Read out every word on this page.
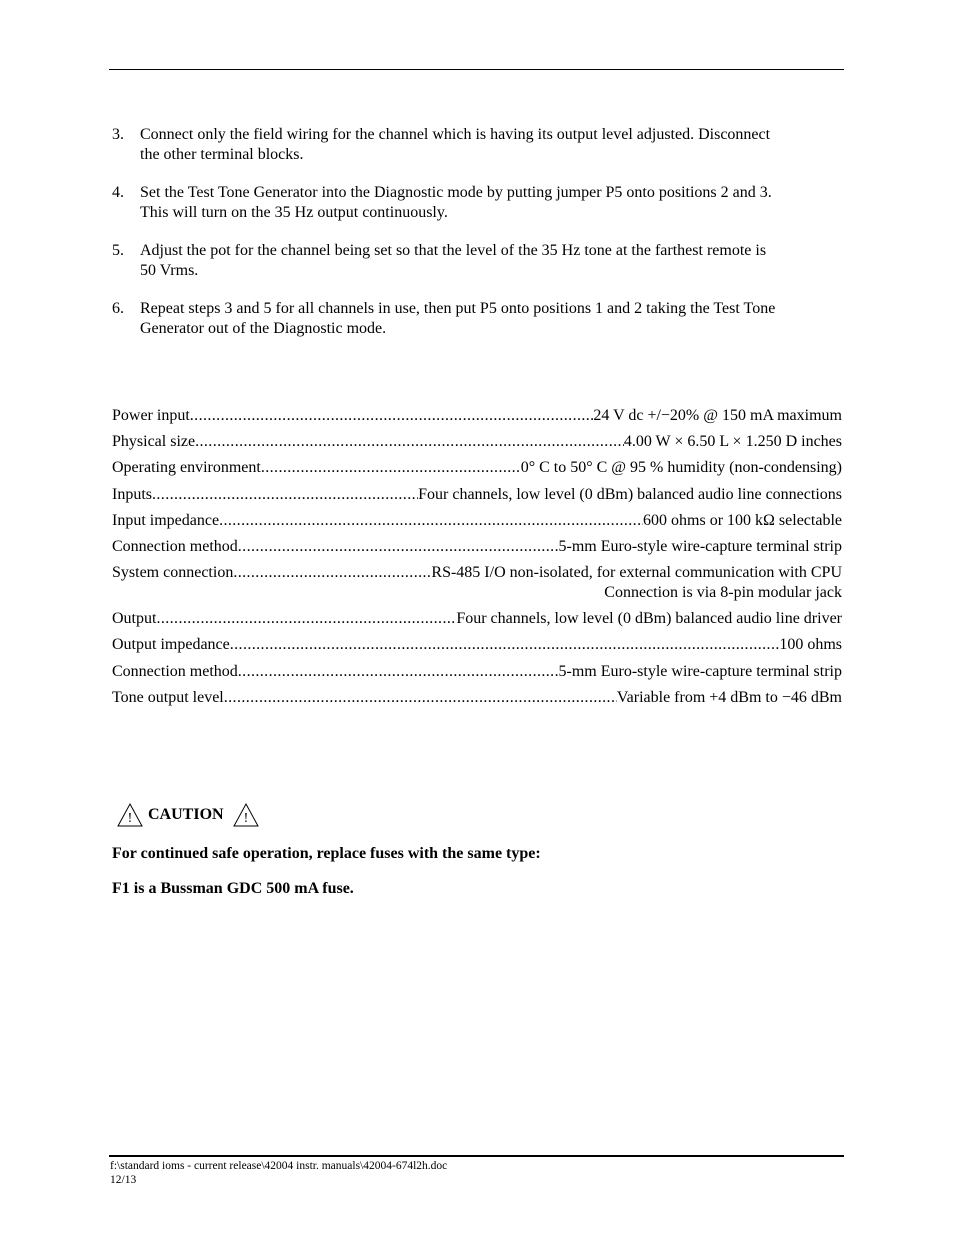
3. Connect only the field wiring for the channel which is having its output level adjusted. Disconnect
the other terminal blocks.
4. Set the Test Tone Generator into the Diagnostic mode by putting jumper P5 onto positions 2 and 3.
This will turn on the 35 Hz output continuously.
5. Adjust the pot for the channel being set so that the level of the 35 Hz tone at the farthest remote is
50 Vrms.
6. Repeat steps 3 and 5 for all channels in use, then put P5 onto positions 1 and 2 taking the Test Tone
Generator out of the Diagnostic mode.
Power input .....	24 V dc +/−20% @ 150 mA maximum
Physical size .....	4.00 W × 6.50 L × 1.250 D inches
Operating environment .....	0° C to 50° C @ 95 % humidity (non-condensing)
Inputs .....	Four channels, low level (0 dBm) balanced audio line connections
Input impedance .....	600 ohms or 100 kΩ selectable
Connection method .....	5-mm Euro-style wire-capture terminal strip
System connection .....	RS-485 I/O non-isolated, for external communication with CPU
Connection is via 8-pin modular jack
Output .....	Four channels, low level (0 dBm) balanced audio line driver
Output impedance .....	100 ohms
Connection method .....	5-mm Euro-style wire-capture terminal strip
Tone output level .....	Variable from +4 dBm to −46 dBm
! CAUTION !
For continued safe operation, replace fuses with the same type:
F1 is a Bussman GDC 500 mA fuse.
f:\standard ioms - current release\42004 instr. manuals\42004-674l2h.doc
12/13
